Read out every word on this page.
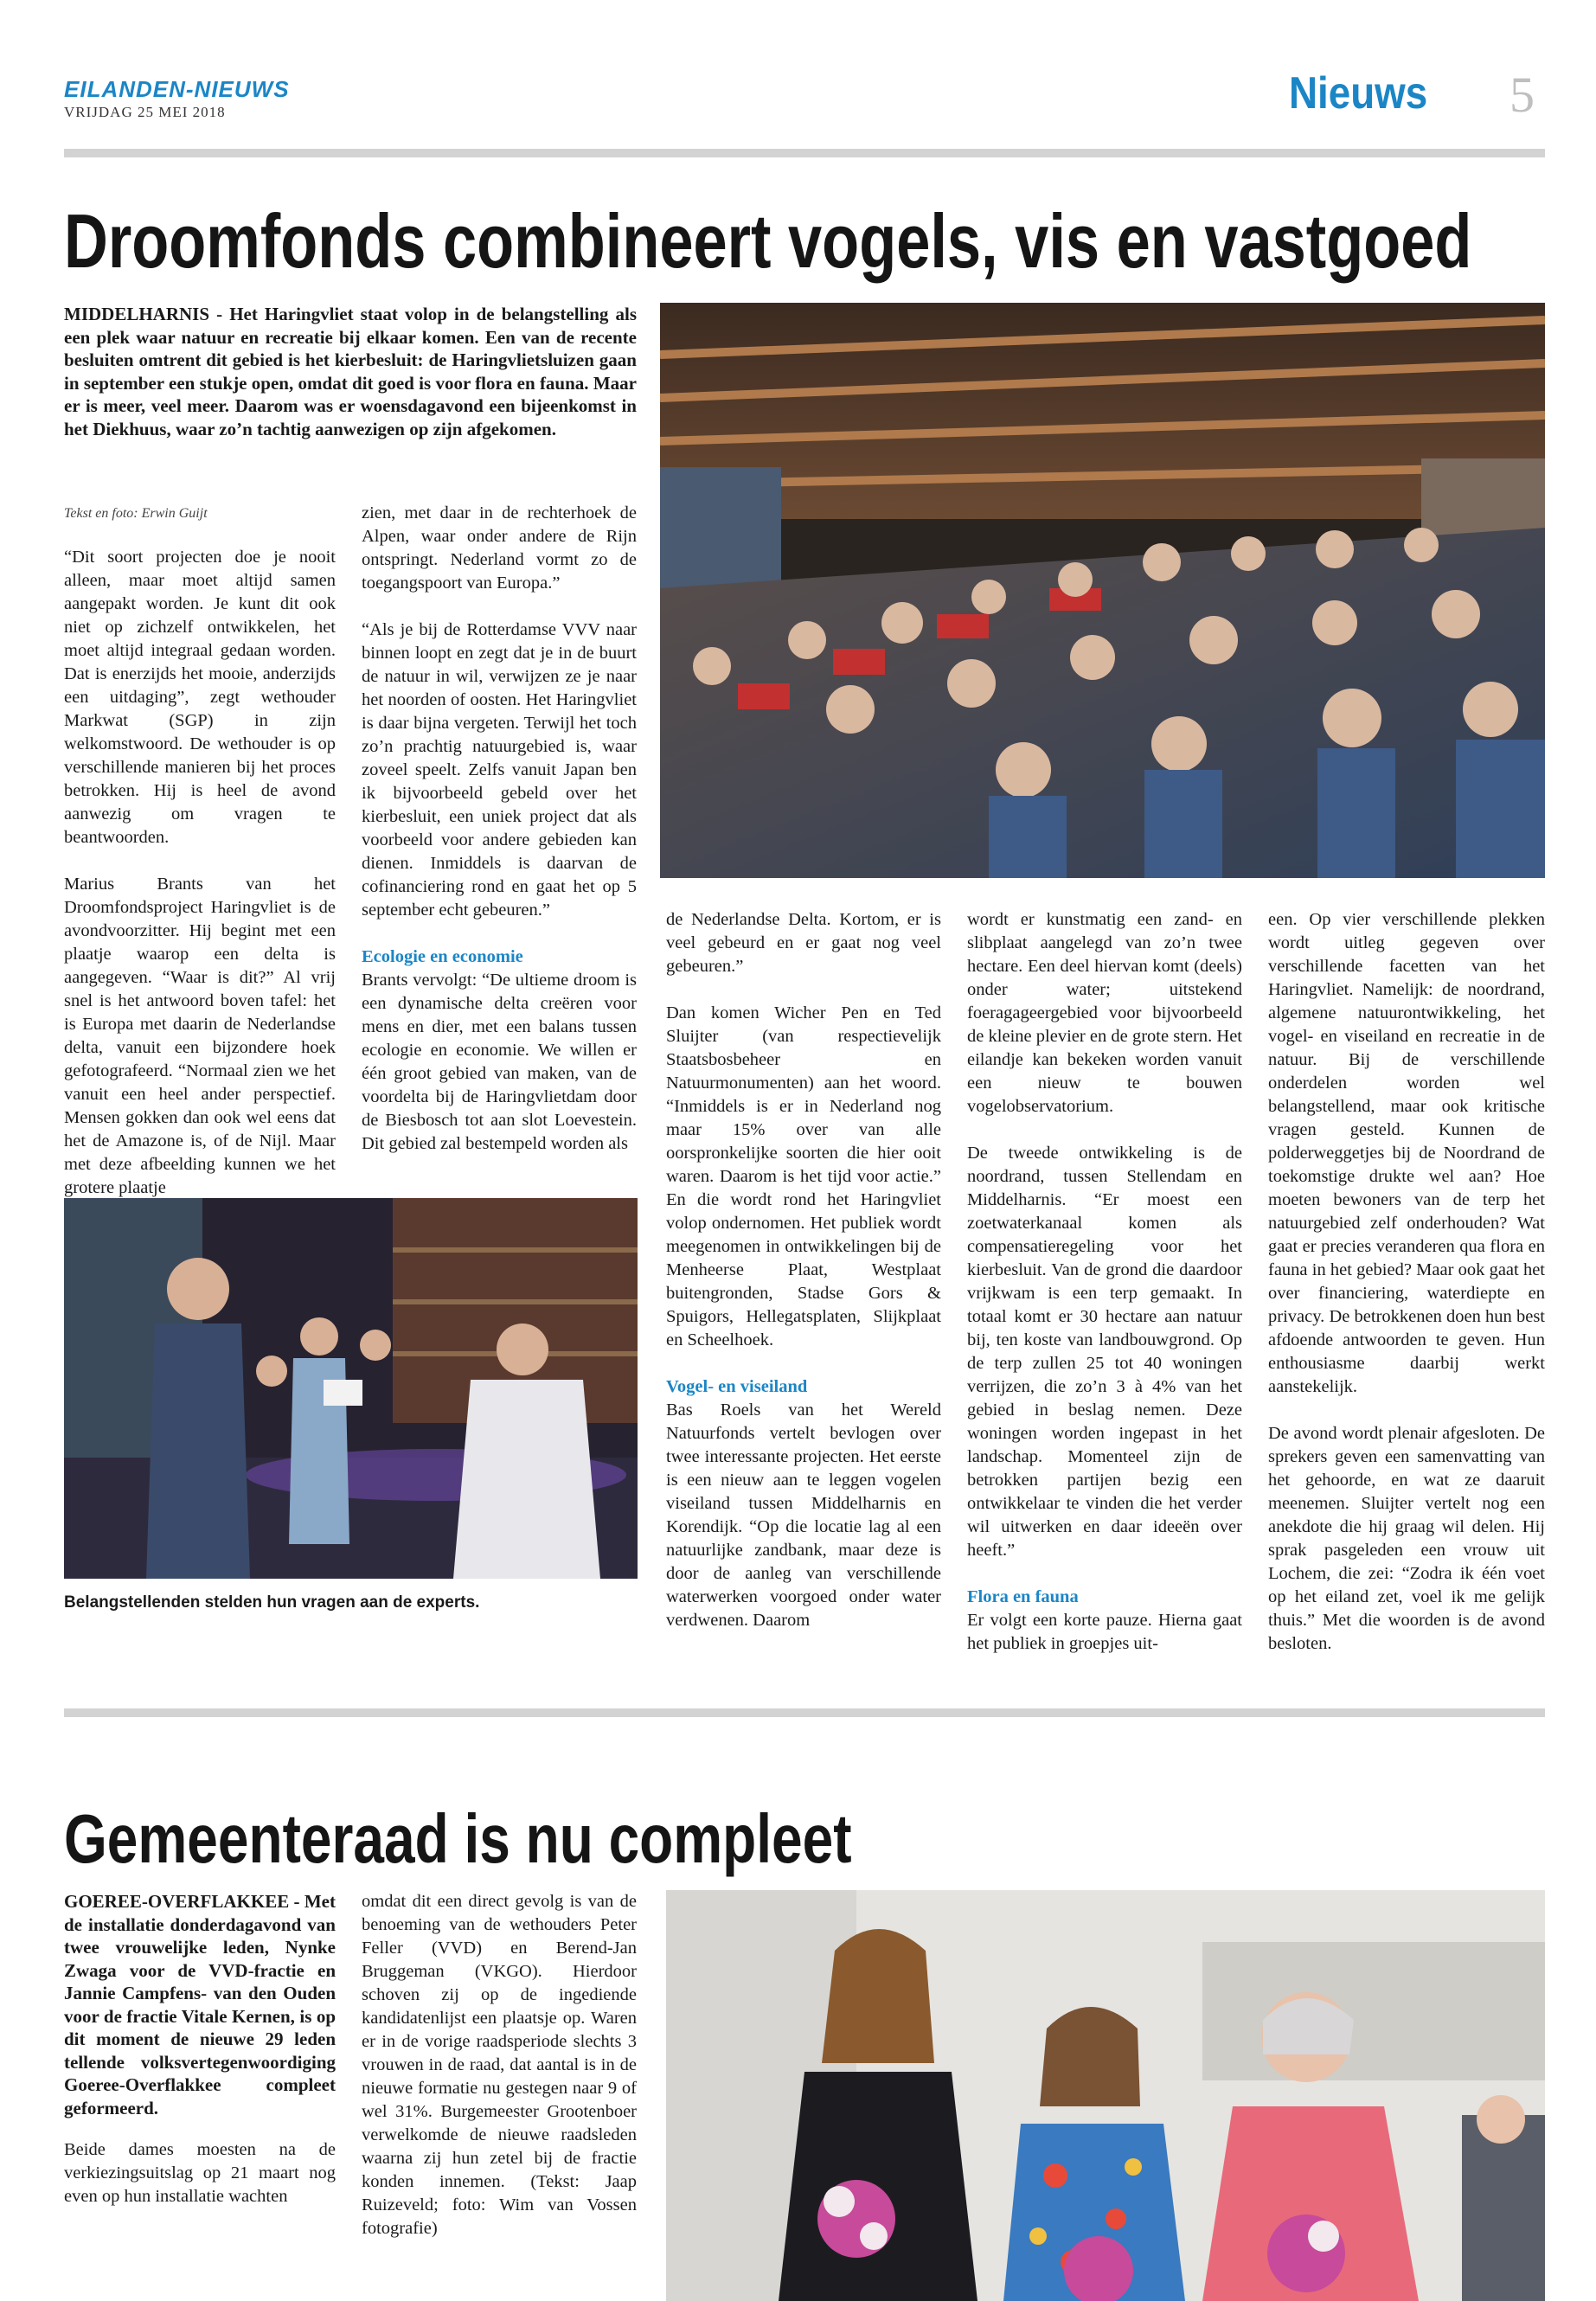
EILANDEN-NIEUWS
VRIJDAG 25 MEI 2018	Nieuws 5
Droomfonds combineert vogels, vis en vastgoed
MIDDELHARNIS - Het Haringvliet staat volop in de belangstelling als een plek waar natuur en recreatie bij elkaar komen. Een van de recente besluiten omtrent dit gebied is het kierbesluit: de Haringvlietsluizen gaan in september een stukje open, omdat dit goed is voor flora en fauna. Maar er is meer, veel meer. Daarom was er woensdagavond een bijeenkomst in het Diekhuus, waar zo’n tachtig aanwezigen op zijn afgekomen.
Tekst en foto: Erwin Guijt

“Dit soort projecten doe je nooit alleen, maar moet altijd samen aangepakt worden. Je kunt dit ook niet op zichzelf ontwikkelen, het moet altijd integraal gedaan worden. Dat is enerzijds het mooie, anderzijds een uitdaging”, zegt wethouder Markwat (SGP) in zijn welkomstwoord. De wethouder is op verschillende manieren bij het proces betrokken. Hij is heel de avond aanwezig om vragen te beantwoorden.

Marius Brants van het Droomfondsproject Haringvliet is de avondvoorzitter. Hij begint met een plaatje waarop een delta is aangegeven. “Waar is dit?” Al vrij snel is het antwoord boven tafel: het is Europa met daarin de Nederlandse delta, vanuit een bijzondere hoek gefotografeerd. “Normaal zien we het vanuit een heel ander perspectief. Mensen gokken dan ook wel eens dat het de Amazone is, of de Nijl. Maar met deze afbeelding kunnen we het grotere plaatje

zien, met daar in de rechterhoek de Alpen, waar onder andere de Rijn ontspringt. Nederland vormt zo de toegangspoort van Europa.”

“Als je bij de Rotterdamse VVV naar binnen loopt en zegt dat je in de buurt de natuur in wil, verwijzen ze je naar het noorden of oosten. Het Haringvliet is daar bijna vergeten. Terwijl het toch zo’n prachtig natuurgebied is, waar zoveel speelt. Zelfs vanuit Japan ben ik bijvoorbeeld gebeld over het kierbesluit, een uniek project dat als voorbeeld voor andere gebieden kan dienen. Inmiddels is daarvan de cofinanciering rond en gaat het op 5 september echt gebeuren.”

Ecologie en economie

Brants vervolgt: “De ultieme droom is een dynamische delta creëren voor mens en dier, met een balans tussen ecologie en economie. We willen er één groot gebied van maken, van de voordelta bij de Haringvlietdam door de Biesbosch tot aan slot Loevestein. Dit gebied zal bestempeld worden als

Belangstellenden stelden hun vragen aan de experts.

de Nederlandse Delta. Kortom, er is veel gebeurd en er gaat nog veel gebeuren.”

Dan komen Wicher Pen en Ted Sluijter (van respectievelijk Staatsbosbeheer en Natuurmonumenten) aan het woord. “Inmiddels is er in Nederland nog maar 15% over van alle oorspronkelijke soorten die hier ooit waren. Daarom is het tijd voor actie.” En die wordt rond het Haringvliet volop ondernomen. Het publiek wordt meegenomen in ontwikkelingen bij de Menheerse Plaat, Westplaat buitengronden, Stadse Gors & Spuigors, Hellegatsplaten, Slijkplaat en Scheelhoek.

Vogel- en viseiland

Bas Roels van het Wereld Natuurfonds vertelt bevlogen over twee interessante projecten. Het eerste is een nieuw aan te leggen vogelen viseiland tussen Middelharnis en Korendijk. “Op die locatie lag al een natuurlijke zandbank, maar deze is door de aanleg van verschillende waterwerken voorgoed onder water verdwenen. Daarom

wordt er kunstmatig een zand- en slibplaat aangelegd van zo’n twee hectare. Een deel hiervan komt (deels) onder water; uitstekend foeragageergebied voor bijvoorbeeld de kleine plevier en de grote stern. Het eilandje kan bekeken worden vanuit een nieuw te bouwen vogelobservatorium.

De tweede ontwikkeling is de noordrand, tussen Stellendam en Middelharnis. “Er moest een zoetwaterkanaal komen als compensatieregeling voor het kierbesluit. Van de grond die daardoor vrijkwam is een terp gemaakt. In totaal komt er 30 hectare aan natuur bij, ten koste van landbouwgrond. Op de terp zullen 25 tot 40 woningen verrijzen, die zo’n 3 à 4% van het gebied in beslag nemen. Deze woningen worden ingepast in het landschap. Momenteel zijn de betrokken partijen bezig een ontwikkelaar te vinden die het verder wil uitwerken en daar ideeën over heeft.”

Flora en fauna

Er volgt een korte pauze. Hierna gaat het publiek in groepjes uit-

een. Op vier verschillende plekken wordt uitleg gegeven over verschillende facetten van het Haringvliet. Namelijk: de noordrand, algemene natuurontwikkeling, het vogel- en viseiland en recreatie in de natuur. Bij de verschillende onderdelen worden wel belangstellend, maar ook kritische vragen gesteld. Kunnen de polderweggetjes bij de Noordrand de toekomstige drukte wel aan? Hoe moeten bewoners van de terp het natuurgebied zelf onderhouden? Wat gaat er precies veranderen qua flora en fauna in het gebied? Maar ook gaat het over financiering, waterdiepte en privacy. De betrokkenen doen hun best afdoende antwoorden te geven. Hun enthousiasme daarbij werkt aanstekelijk.

De avond wordt plenair afgesloten. De sprekers geven een samenvatting van het gehoorde, en wat ze daaruit meenemen. Sluijter vertelt nog een anekdote die hij graag wil delen. Hij sprak pasgeleden een vrouw uit Lochem, die zei: “Zodra ik één voet op het eiland zet, voel ik me gelijk thuis.” Met die woorden is de avond besloten.

Gemeenteraad is nu compleet
GOEREE-OVERFLAKKEE - Met de installatie donderdagavond van twee vrouwelijke leden, Nynke Zwaga voor de VVD-fractie en Jannie Campfens- van den Ouden voor de fractie Vitale Kernen, is op dit moment de nieuwe 29 leden tellende volksvertegenwoordiging Goeree-Overflakkee compleet geformeerd.
Beide dames moesten na de verkiezingsuitslag op 21 maart nog even op hun installatie wachten
omdat dit een direct gevolg is van de benoeming van de wethouders Peter Feller (VVD) en Berend-Jan Bruggeman (VKGO). Hierdoor schoven zij op de ingediende kandidatenlijst een plaatsje op. Waren er in de vorige raadsperiode slechts 3 vrouwen in de raad, dat aantal is in de nieuwe formatie nu gestegen naar 9 of wel 31%. Burgemeester Grootenboer verwelkomde de nieuwe raadsleden waarna zij hun zetel bij de fractie konden innemen. (Tekst: Jaap Ruizeveld; foto: Wim van Vossen fotografie)
